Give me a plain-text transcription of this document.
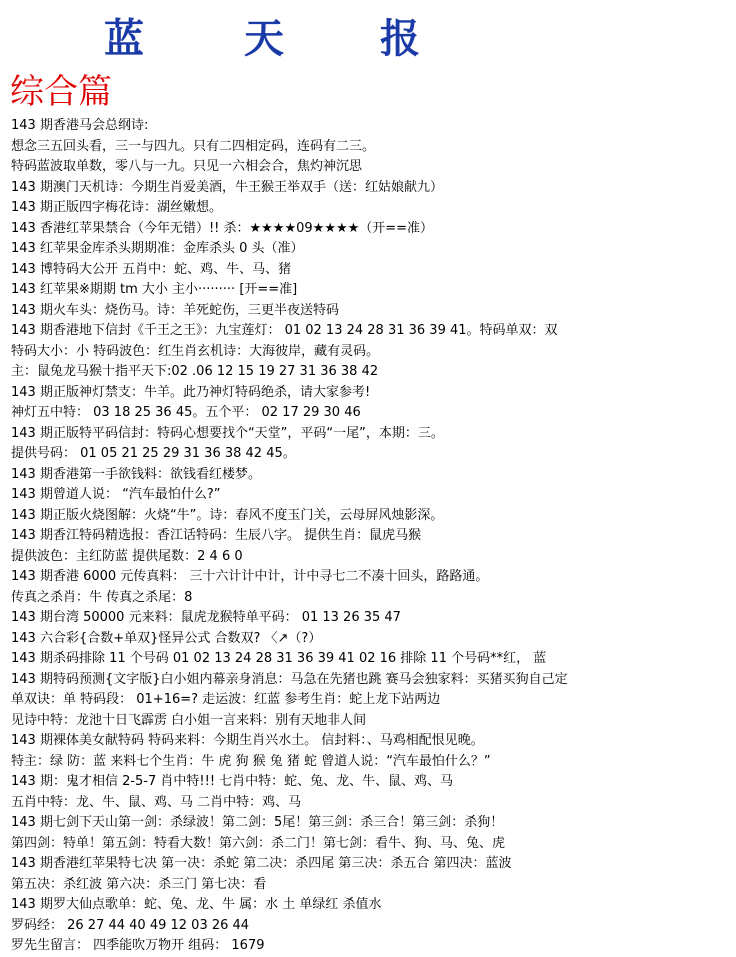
蓝	天 报
综合篇
143 期香港马会总纲诗:
想念三五回头看，三一与四九。只有二四相定码，连码有二三。
特码蓝波取单数，零八与一九。只见一六相会合，焦灼神沉思
143 期澳门天机诗：今期生肖爱美酒，牛王猴王举双手（送：红姑娘献九）
143 期正版四字梅花诗：湖丝嫩想。
143 香港红苹果禁合（今年无错）!! 杀：★★★★09★★★★（开==准）
143 红苹果金库杀头期期准：金库杀头 0 头（准）
143 博特码大公开 五肖中：蛇、鸡、牛、马、猪
143 红苹果※期期 tm 大小 主小········· [开==准]
143 期火车头：烧伤马。诗：羊死蛇伤，三更半夜送特码
143 期香港地下信封《千王之王》：九宝莲灯： 01 02 13 24 28 31 36 39 41。特码单双：双
特码大小：小 特码波色：红生肖玄机诗：大海彼岸，藏有灵码。
主：鼠兔龙马猴十指平天下:02 .06 12 15 19 27 31 36 38 42
143 期正版神灯禁支：牛羊。此乃神灯特码绝杀，请大家参考!
神灯五中特： 03 18 25 36 45。五个平： 02 17 29 30 46
143 期正版特平码信封：特码心想要找个“天堂”，平码“一尾”，本期：三。
提供号码： 01 05 21 25 29 31 36 38 42 45。
143 期香港第一手欲钱料：欲钱看红楼梦。
143 期曾道人说： “汽车最怕什么?”
143 期正版火烧图解：火烧“牛”。诗：春风不度玉门关，云母屏风烛影深。
143 期香江特码精选报：香江话特码：生辰八字。 提供生肖：鼠虎马猴
提供波色：主红防蓝 提供尾数：2 4 6 0
143 期香港 6000 元传真料： 三十六计计中计，计中寻七二不凑十回头，路路通。
传真之杀肖：牛 传真之杀尾：8
143 期台湾 50000 元来料：鼠虎龙猴特单平码： 01 13 26 35 47
143 六合彩{合数+单双}怪异公式 合数双? 〈↗（?）
143 期杀码排除 11 个号码 01 02 13 24 28 31 36 39 41 02 16 排除 11 个号码**红， 蓝
143 期特码预测{文字版}白小姐内幕亲身消息：马急在先猪也跳 赛马会独家料：买猪买狗自己定
单双诀：单 特码段： 01+16=? 走运波：红蓝 参考生肖：蛇上龙下站两边
见诗中特：龙池十日飞霹雳 白小姐一言来料：别有天地非人间
143 期裸体美女献特码 特码来料：今期生肖兴水土。 信封料：、马鸡相配恨见晚。
特主：绿 防：蓝 来料七个生肖：牛 虎 狗 猴 兔 猪 蛇 曾道人说：“汽车最怕什么？”
143 期：鬼才相信 2-5-7 肖中特!!! 七肖中特：蛇、兔、龙、牛、鼠、鸡、马
五肖中特：龙、牛、鼠、鸡、马 二肖中特：鸡、马
143 期七剑下天山第一剑：杀绿波！第二剑：5尾！第三剑：杀三合！第三剑：杀狗！
第四剑：特单！第五剑：特看大数！第六剑：杀二门！第七剑：看牛、狗、马、兔、虎
143 期香港红苹果特七决 第一决：杀蛇 第二决：杀四尾 第三决：杀五合 第四决：蓝波
第五决：杀红波 第六决：杀三门 第七决：看
143 期罗大仙点歌单：蛇、兔、龙、牛 属：水 土 单绿红 杀值水
罗码经： 26 27 44 40 49 12 03 26 44
罗先生留言： 四季能吹万物开 组码： 1679
